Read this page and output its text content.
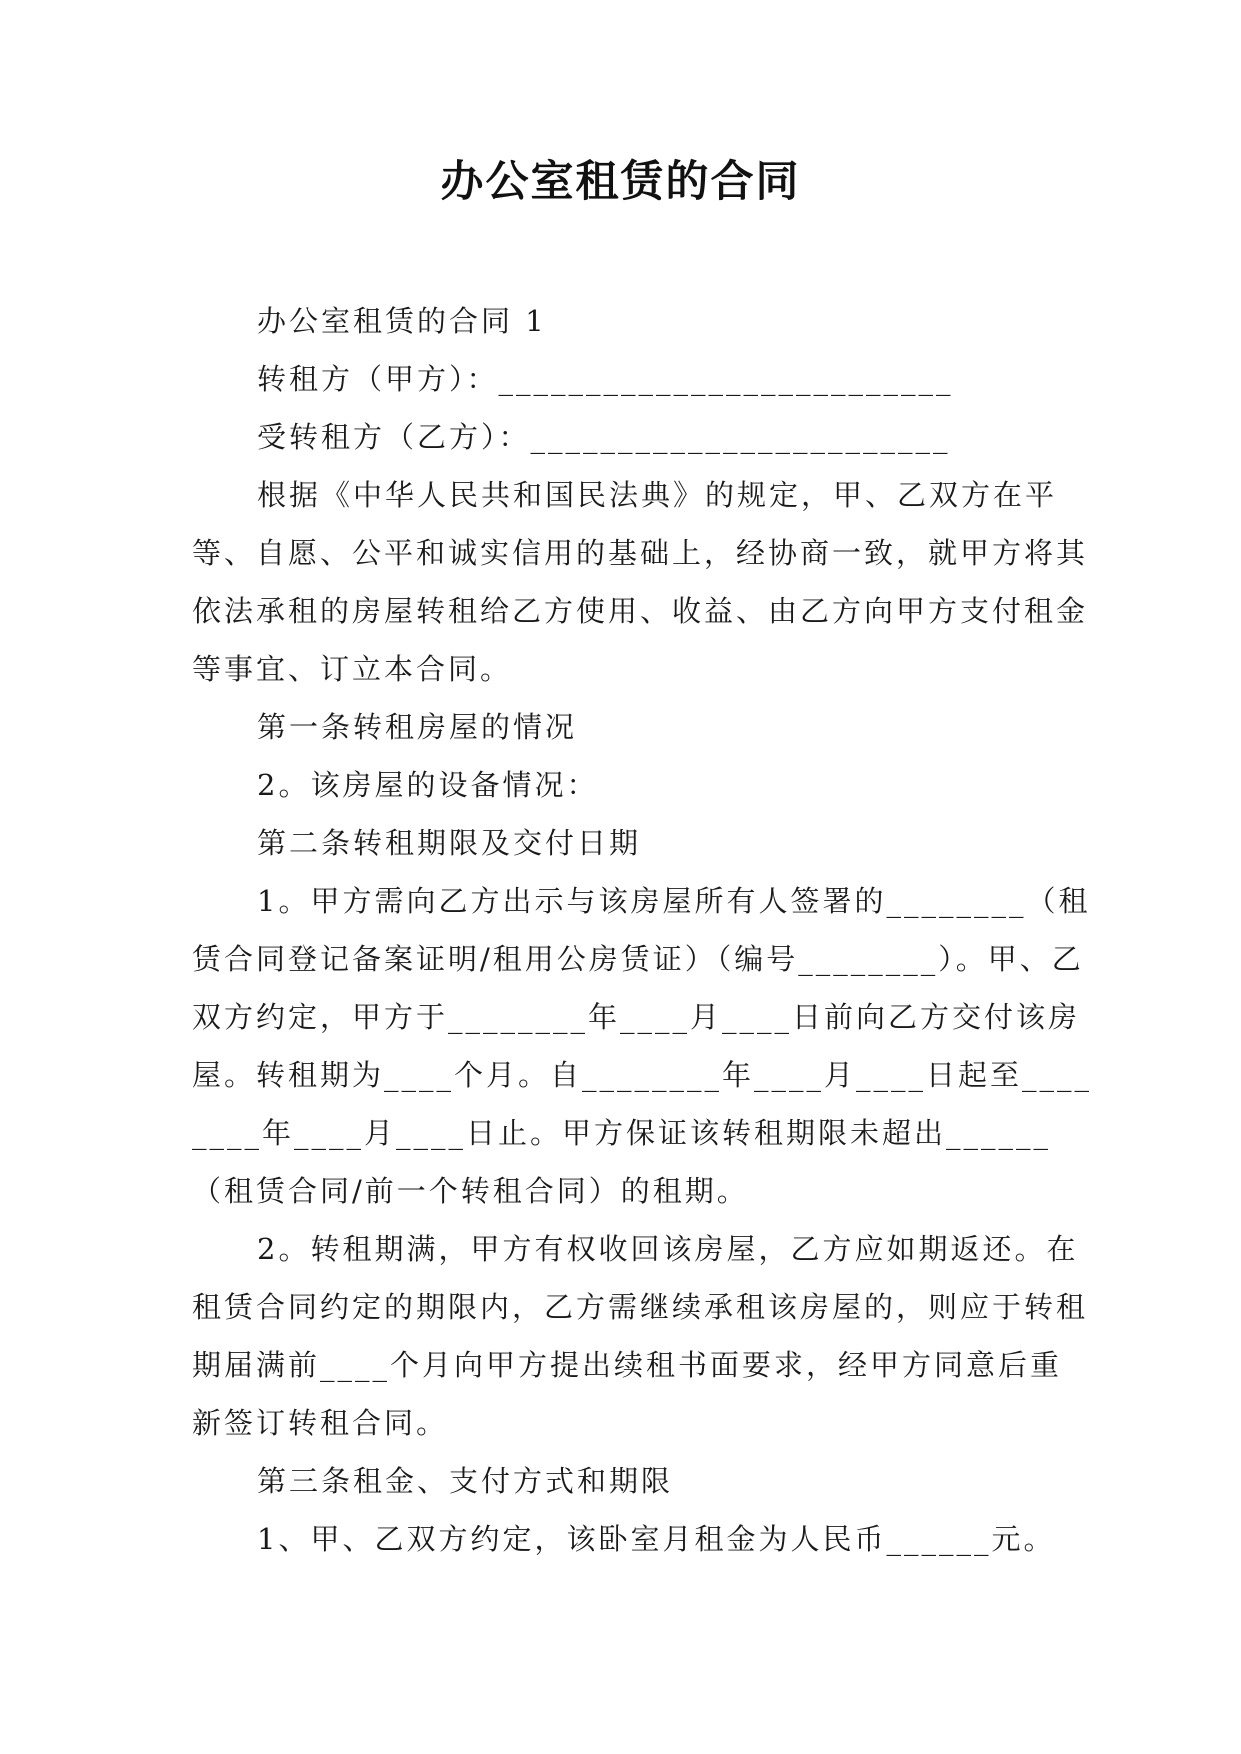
办公室租赁的合同

办公室租赁的合同 1

转租方（甲方）：__________________________

受转租方（乙方）：________________________

根据《中华人民共和国民法典》的规定，甲、乙双方在平等、自愿、公平和诚实信用的基础上，经协商一致，就甲方将其依法承租的房屋转租给乙方使用、收益、由乙方向甲方支付租金等事宜、订立本合同。

第一条转租房屋的情况

2。该房屋的设备情况：

第二条转租期限及交付日期

1。甲方需向乙方出示与该房屋所有人签署的________（租赁合同登记备案证明/租用公房赁证）（编号________）。甲、乙双方约定，甲方于________年____月____日前向乙方交付该房屋。转租期为____个月。自________年____月____日起至________年____月____日止。甲方保证该转租期限未超出______（租赁合同/前一个转租合同）的租期。

2。转租期满，甲方有权收回该房屋，乙方应如期返还。在租赁合同约定的期限内，乙方需继续承租该房屋的，则应于转租期届满前____个月向甲方提出续租书面要求，经甲方同意后重新签订转租合同。

第三条租金、支付方式和期限

1、甲、乙双方约定，该卧室月租金为人民币______元。
